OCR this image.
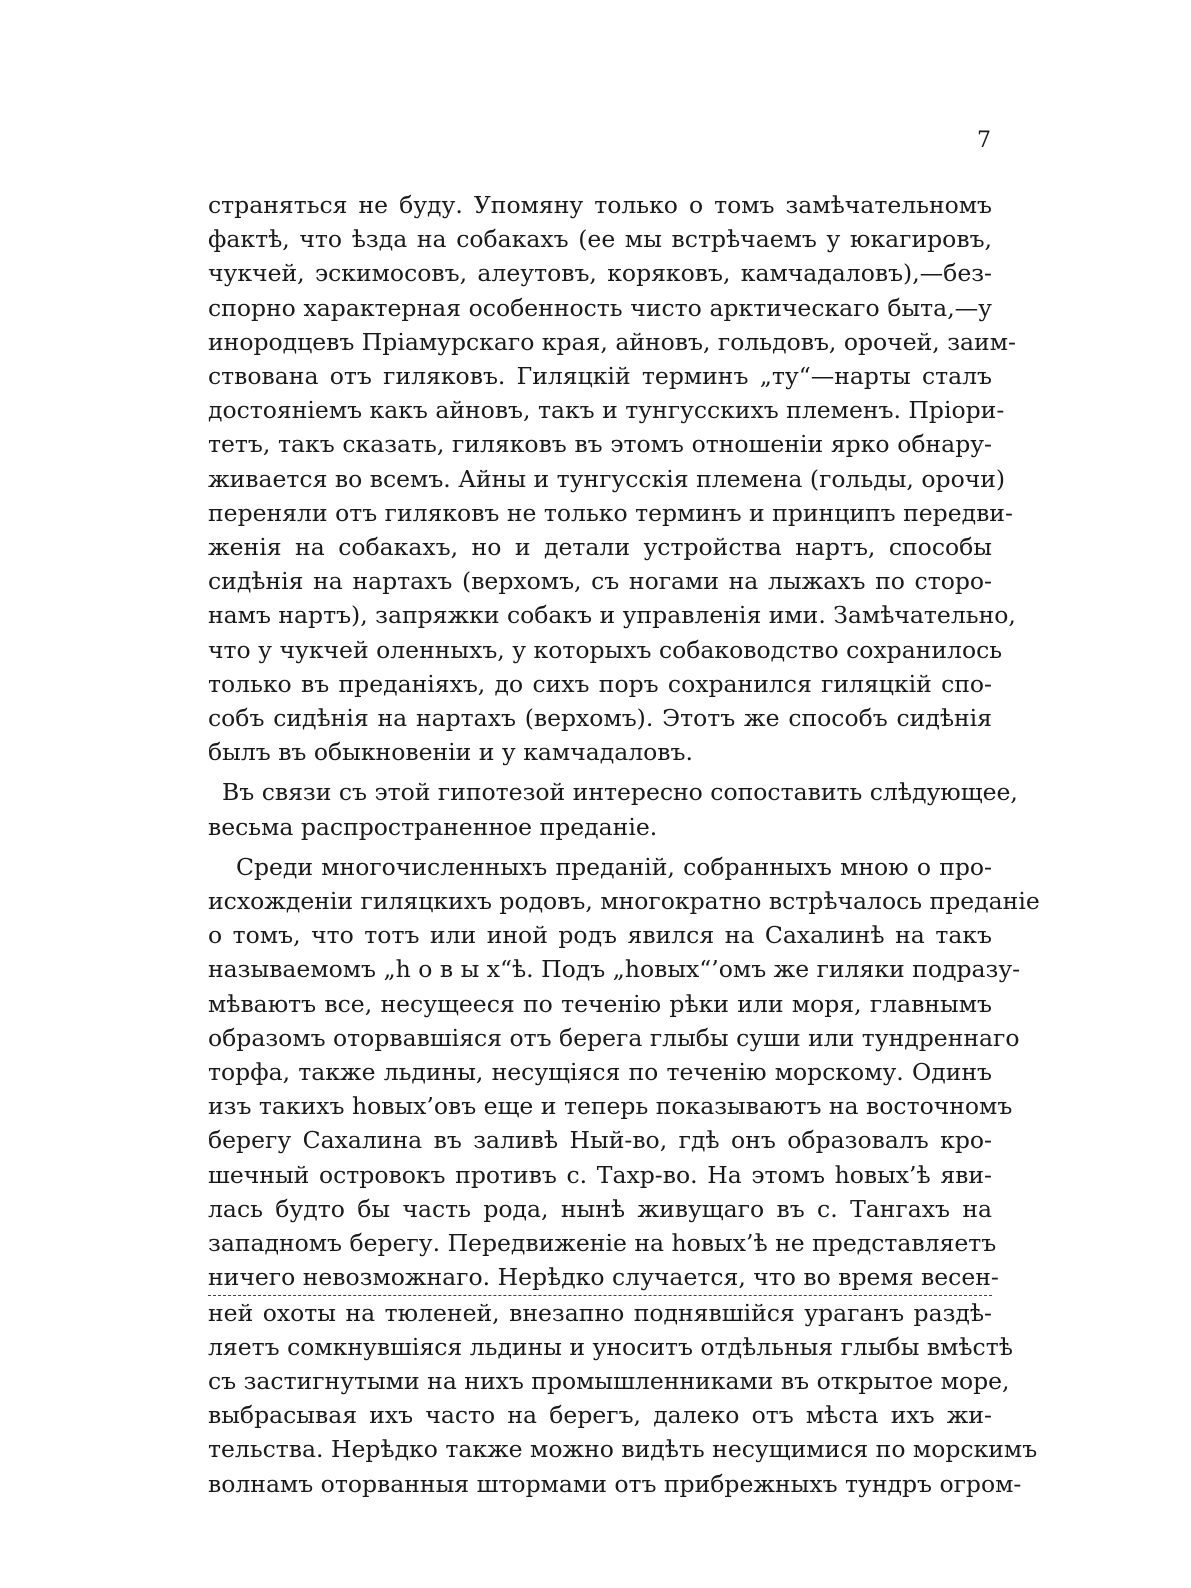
7
страняться не буду. Упомяну только о томъ замѣчательномъ
фактѣ, что ѣзда на собакахъ (ее мы встрѣчаемъ у юкагировъ,
чукчей, эскимосовъ, алеутовъ, коряковъ, камчадаловъ),—без-
спорно характерная особенность чисто арктическаго быта,—у
инородцевъ Пріамурскаго края, айновъ, гольдовъ, орочей, заим-
ствована отъ гиляковъ. Гиляцкій терминъ „ту“—нарты сталъ
достояніемъ какъ айновъ, такъ и тунгусскихъ племенъ. Пріори-
тетъ, такъ сказать, гиляковъ въ этомъ отношеніи ярко обнару-
живается во всемъ. Айны и тунгусскія племена (гольды, орочи)
переняли отъ гиляковъ не только терминъ и принципъ передви-
женія на собакахъ, но и детали устройства нартъ, способы
сидѣнія на нартахъ (верхомъ, съ ногами на лыжахъ по сторо-
намъ нартъ), запряжки собакъ и управленія ими. Замѣчательно,
что у чукчей оленныхъ, у которыхъ собаководство сохранилось
только въ преданіяхъ, до сихъ поръ сохранился гиляцкій спо-
собъ сидѣнія на нартахъ (верхомъ). Этотъ же способъ сидѣнія
былъ въ обыкновеніи и у камчадаловъ.
Въ связи съ этой гипотезой интересно сопоставить слѣдующее,
весьма распространенное преданіе.
Среди многочисленныхъ преданій, собранныхъ мною о про-
исхожденіи гиляцкихъ родовъ, многократно встрѣчалось преданіе
о томъ, что тотъ или иной родъ явился на Сахалинѣ на такъ
называемомъ „h о в ы х“ѣ. Подъ „hовых“’омъ же гиляки подразу-
мѣваютъ все, несущееся по теченію рѣки или моря, главнымъ
образомъ оторвавшіяся отъ берега глыбы суши или тундреннаго
торфа, также льдины, несущіяся по теченію морскому. Одинъ
изъ такихъ hовых’овъ еще и теперь показываютъ на восточномъ
берегу Сахалина въ заливѣ Ный-во, гдѣ онъ образовалъ кро-
шечный островокъ противъ с. Тахр-во. На этомъ hовых’ѣ яви-
лась будто бы часть рода, нынѣ живущаго въ с. Тангахъ на
западномъ берегу. Передвиженіе на hовых’ѣ не представляетъ
ничего невозможнаго. Нерѣдко случается, что во время весен-
ней охоты на тюленей, внезапно поднявшійся ураганъ раздѣ-
ляетъ сомкнувшіяся льдины и уноситъ отдѣльныя глыбы вмѣстѣ
съ застигнутыми на нихъ промышленниками въ открытое море,
выбрасывая ихъ часто на берегъ, далеко отъ мѣста ихъ жи-
тельства. Нерѣдко также можно видѣть несущимися по морскимъ
волнамъ оторванныя штормами отъ прибрежныхъ тундръ огром-
